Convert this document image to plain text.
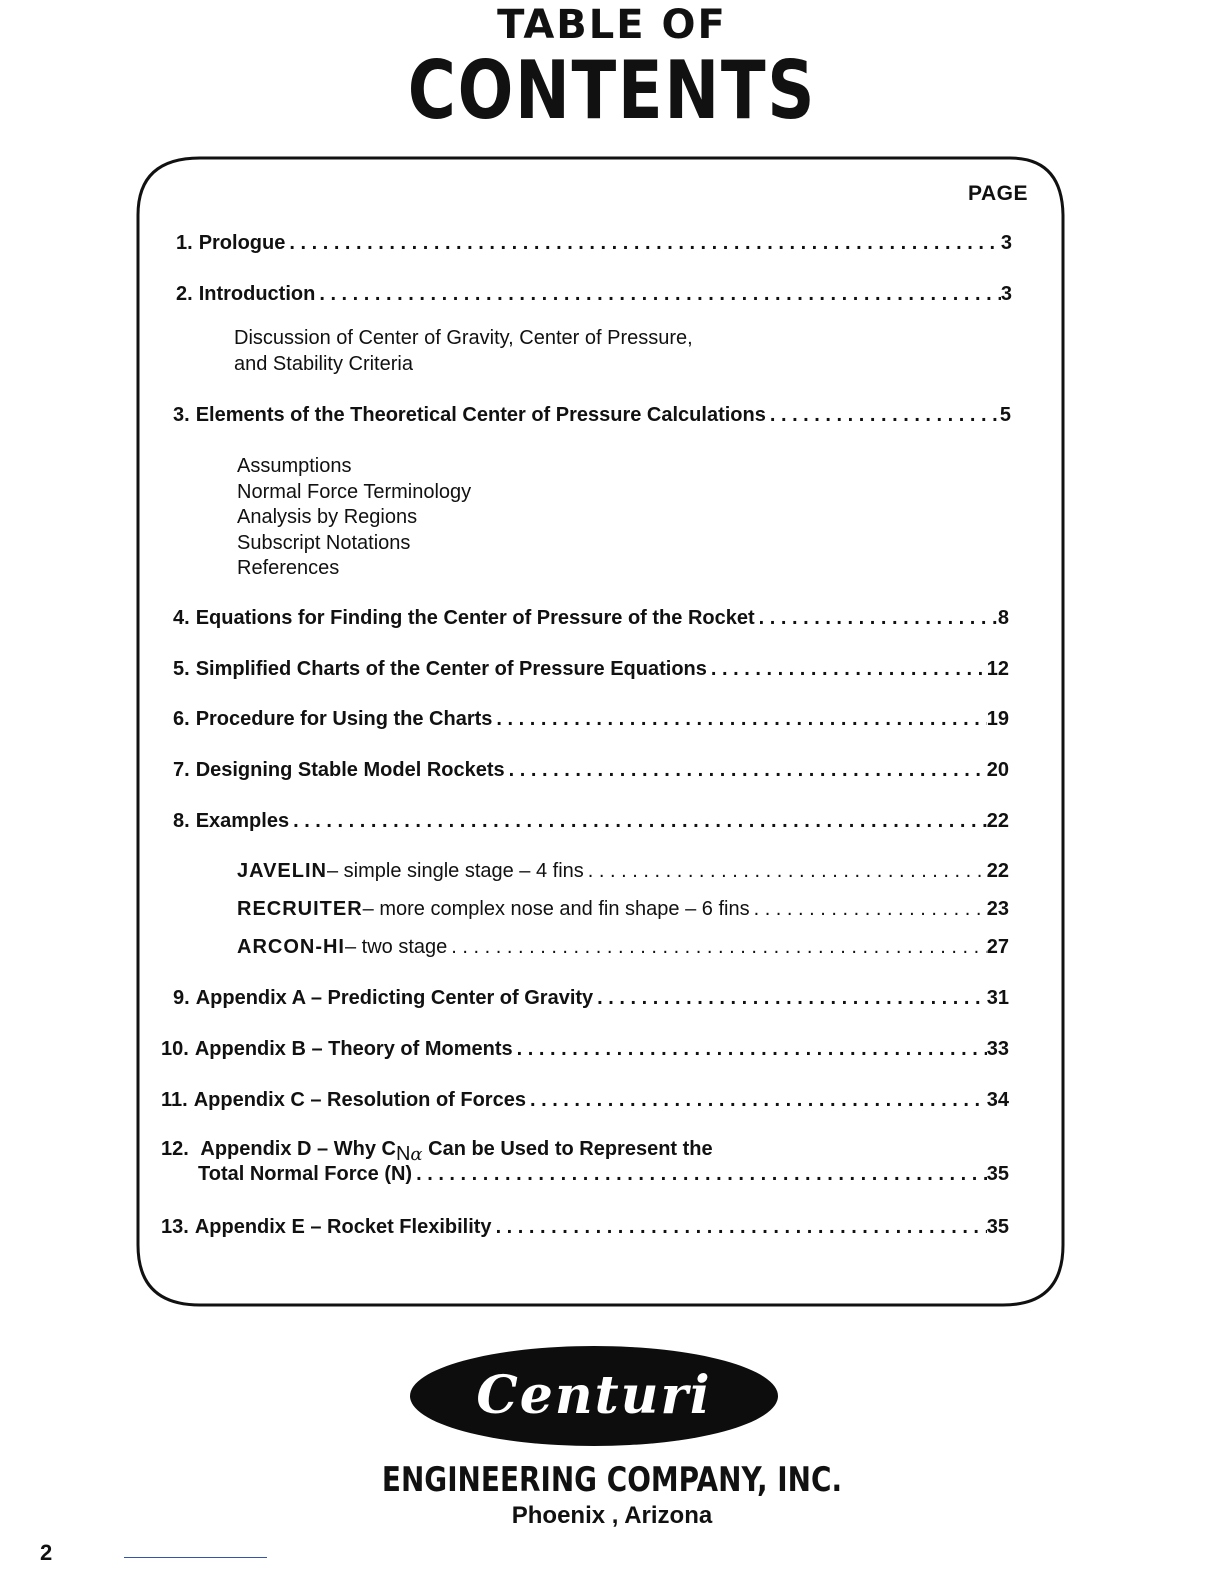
TABLE OF
CONTENTS
PAGE
1. Prologue . . .	3
2. Introduction . . .	3
Discussion of Center of Gravity, Center of Pressure,
and Stability Criteria
3. Elements of the Theoretical Center of Pressure Calculations . . .	5
Assumptions
Normal Force Terminology
Analysis by Regions
Subscript Notations
References
4. Equations for Finding the Center of Pressure of the Rocket . . .	8
5. Simplified Charts of the Center of Pressure Equations . . .	12
6. Procedure for Using the Charts . . .	19
7. Designing Stable Model Rockets . . .	20
8. Examples . . .	22
JAVELIN – simple single stage – 4 fins . . .	22
RECRUITER – more complex nose and fin shape – 6 fins . . .	23
ARCON-HI – two stage . . .	27
9. Appendix A – Predicting Center of Gravity . . .	31
10. Appendix B – Theory of Moments . . .	33
11. Appendix C – Resolution of Forces . . .	34
12. Appendix D – Why CNα Can be Used to Represent the
Total Normal Force (N) . . .	35
13. Appendix E – Rocket Flexibility . . .	35
Centuri
ENGINEERING COMPANY, INC.
Phoenix , Arizona
2
